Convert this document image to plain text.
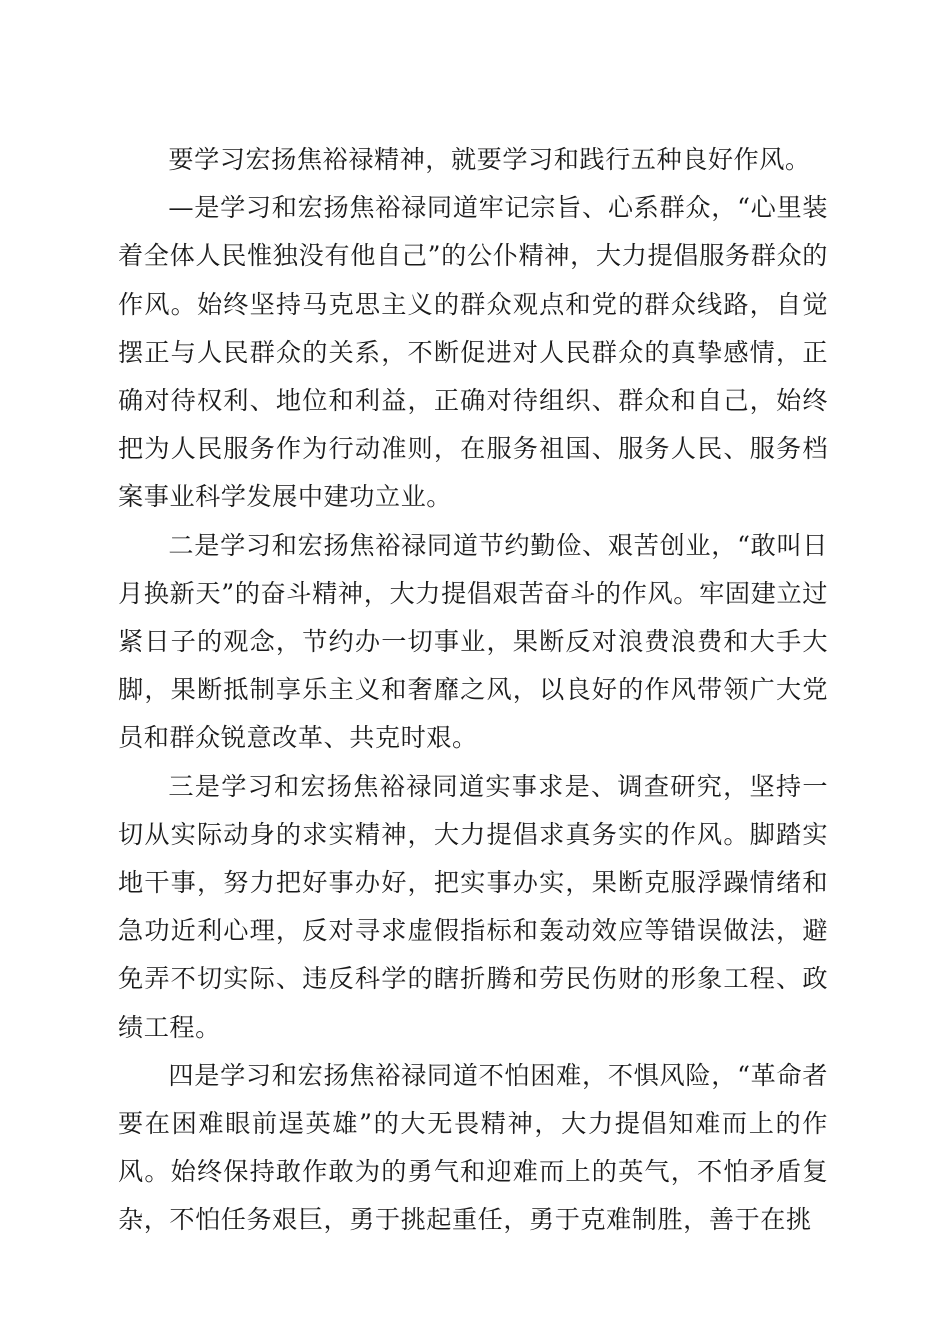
要学习宏扬焦裕禄精神，就要学习和践行五种良好作风。

—是学习和宏扬焦裕禄同道牢记宗旨、心系群众，“心里装着全体人民惟独没有他自己”的公仆精神，大力提倡服务群众的作风。始终坚持马克思主义的群众观点和党的群众线路，自觉摆正与人民群众的关系，不断促进对人民群众的真挚感情，正确对待权利、地位和利益，正确对待组织、群众和自己，始终把为人民服务作为行动准则，在服务祖国、服务人民、服务档案事业科学发展中建功立业。

二是学习和宏扬焦裕禄同道节约勤俭、艰苦创业，“敢叫日月换新天”的奋斗精神，大力提倡艰苦奋斗的作风。牢固建立过紧日子的观念，节约办一切事业，果断反对浪费浪费和大手大脚，果断抵制享乐主义和奢靡之风，以良好的作风带领广大党员和群众锐意改革、共克时艰。

三是学习和宏扬焦裕禄同道实事求是、调查研究，坚持一切从实际动身的求实精神，大力提倡求真务实的作风。脚踏实地干事，努力把好事办好，把实事办实，果断克服浮躁情绪和急功近利心理，反对寻求虚假指标和轰动效应等错误做法，避免弄不切实际、违反科学的瞎折腾和劳民伤财的形象工程、政绩工程。

四是学习和宏扬焦裕禄同道不怕困难，不惧风险，“革命者要在困难眼前逞英雄”的大无畏精神，大力提倡知难而上的作风。始终保持敢作敢为的勇气和迎难而上的英气，不怕矛盾复杂，不怕任务艰巨，勇于挑起重任，勇于克难制胜，善于在挑
